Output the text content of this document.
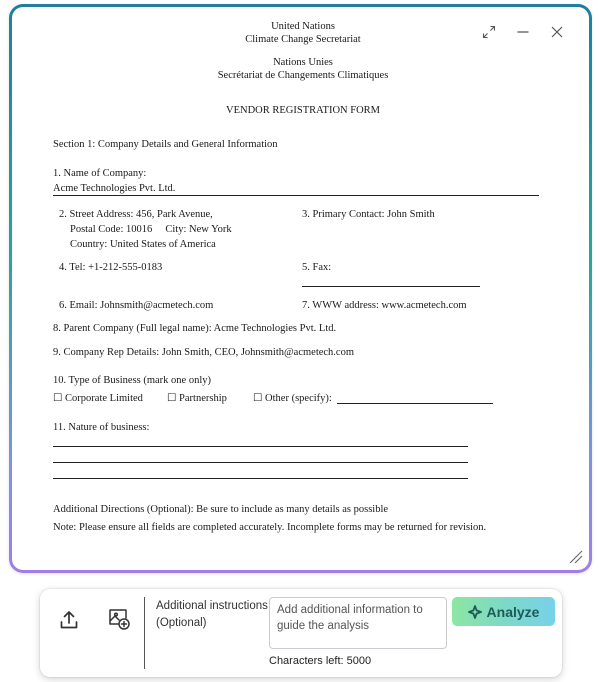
United Nations
Climate Change Secretariat
Nations Unies
Secrétariat de Changements Climatiques
VENDOR REGISTRATION FORM
Section 1: Company Details and General Information
1. Name of Company:
Acme Technologies Pvt. Ltd.
2. Street Address: 456, Park Avenue,
Postal Code: 10016 City: New York
Country: United States of America
3. Primary Contact: John Smith
4. Tel: +1-212-555-0183	5. Fax:
6. Email: Johnsmith@acmetech.com	7. WWW address: www.acmetech.com
8. Parent Company (Full legal name): Acme Technologies Pvt. Ltd.
9. Company Rep Details: John Smith, CEO, Johnsmith@acmetech.com
10. Type of Business (mark one only)
☐ Corporate Limited ☐ Partnership ☐ Other (specify):
11. Nature of business:
Additional Directions (Optional): Be sure to include as many details as possible
Note: Please ensure all fields are completed accurately. Incomplete forms may be returned for revision.
Additional instructions (Optional)
Add additional information to guide the analysis
Characters left: 5000
Analyze
